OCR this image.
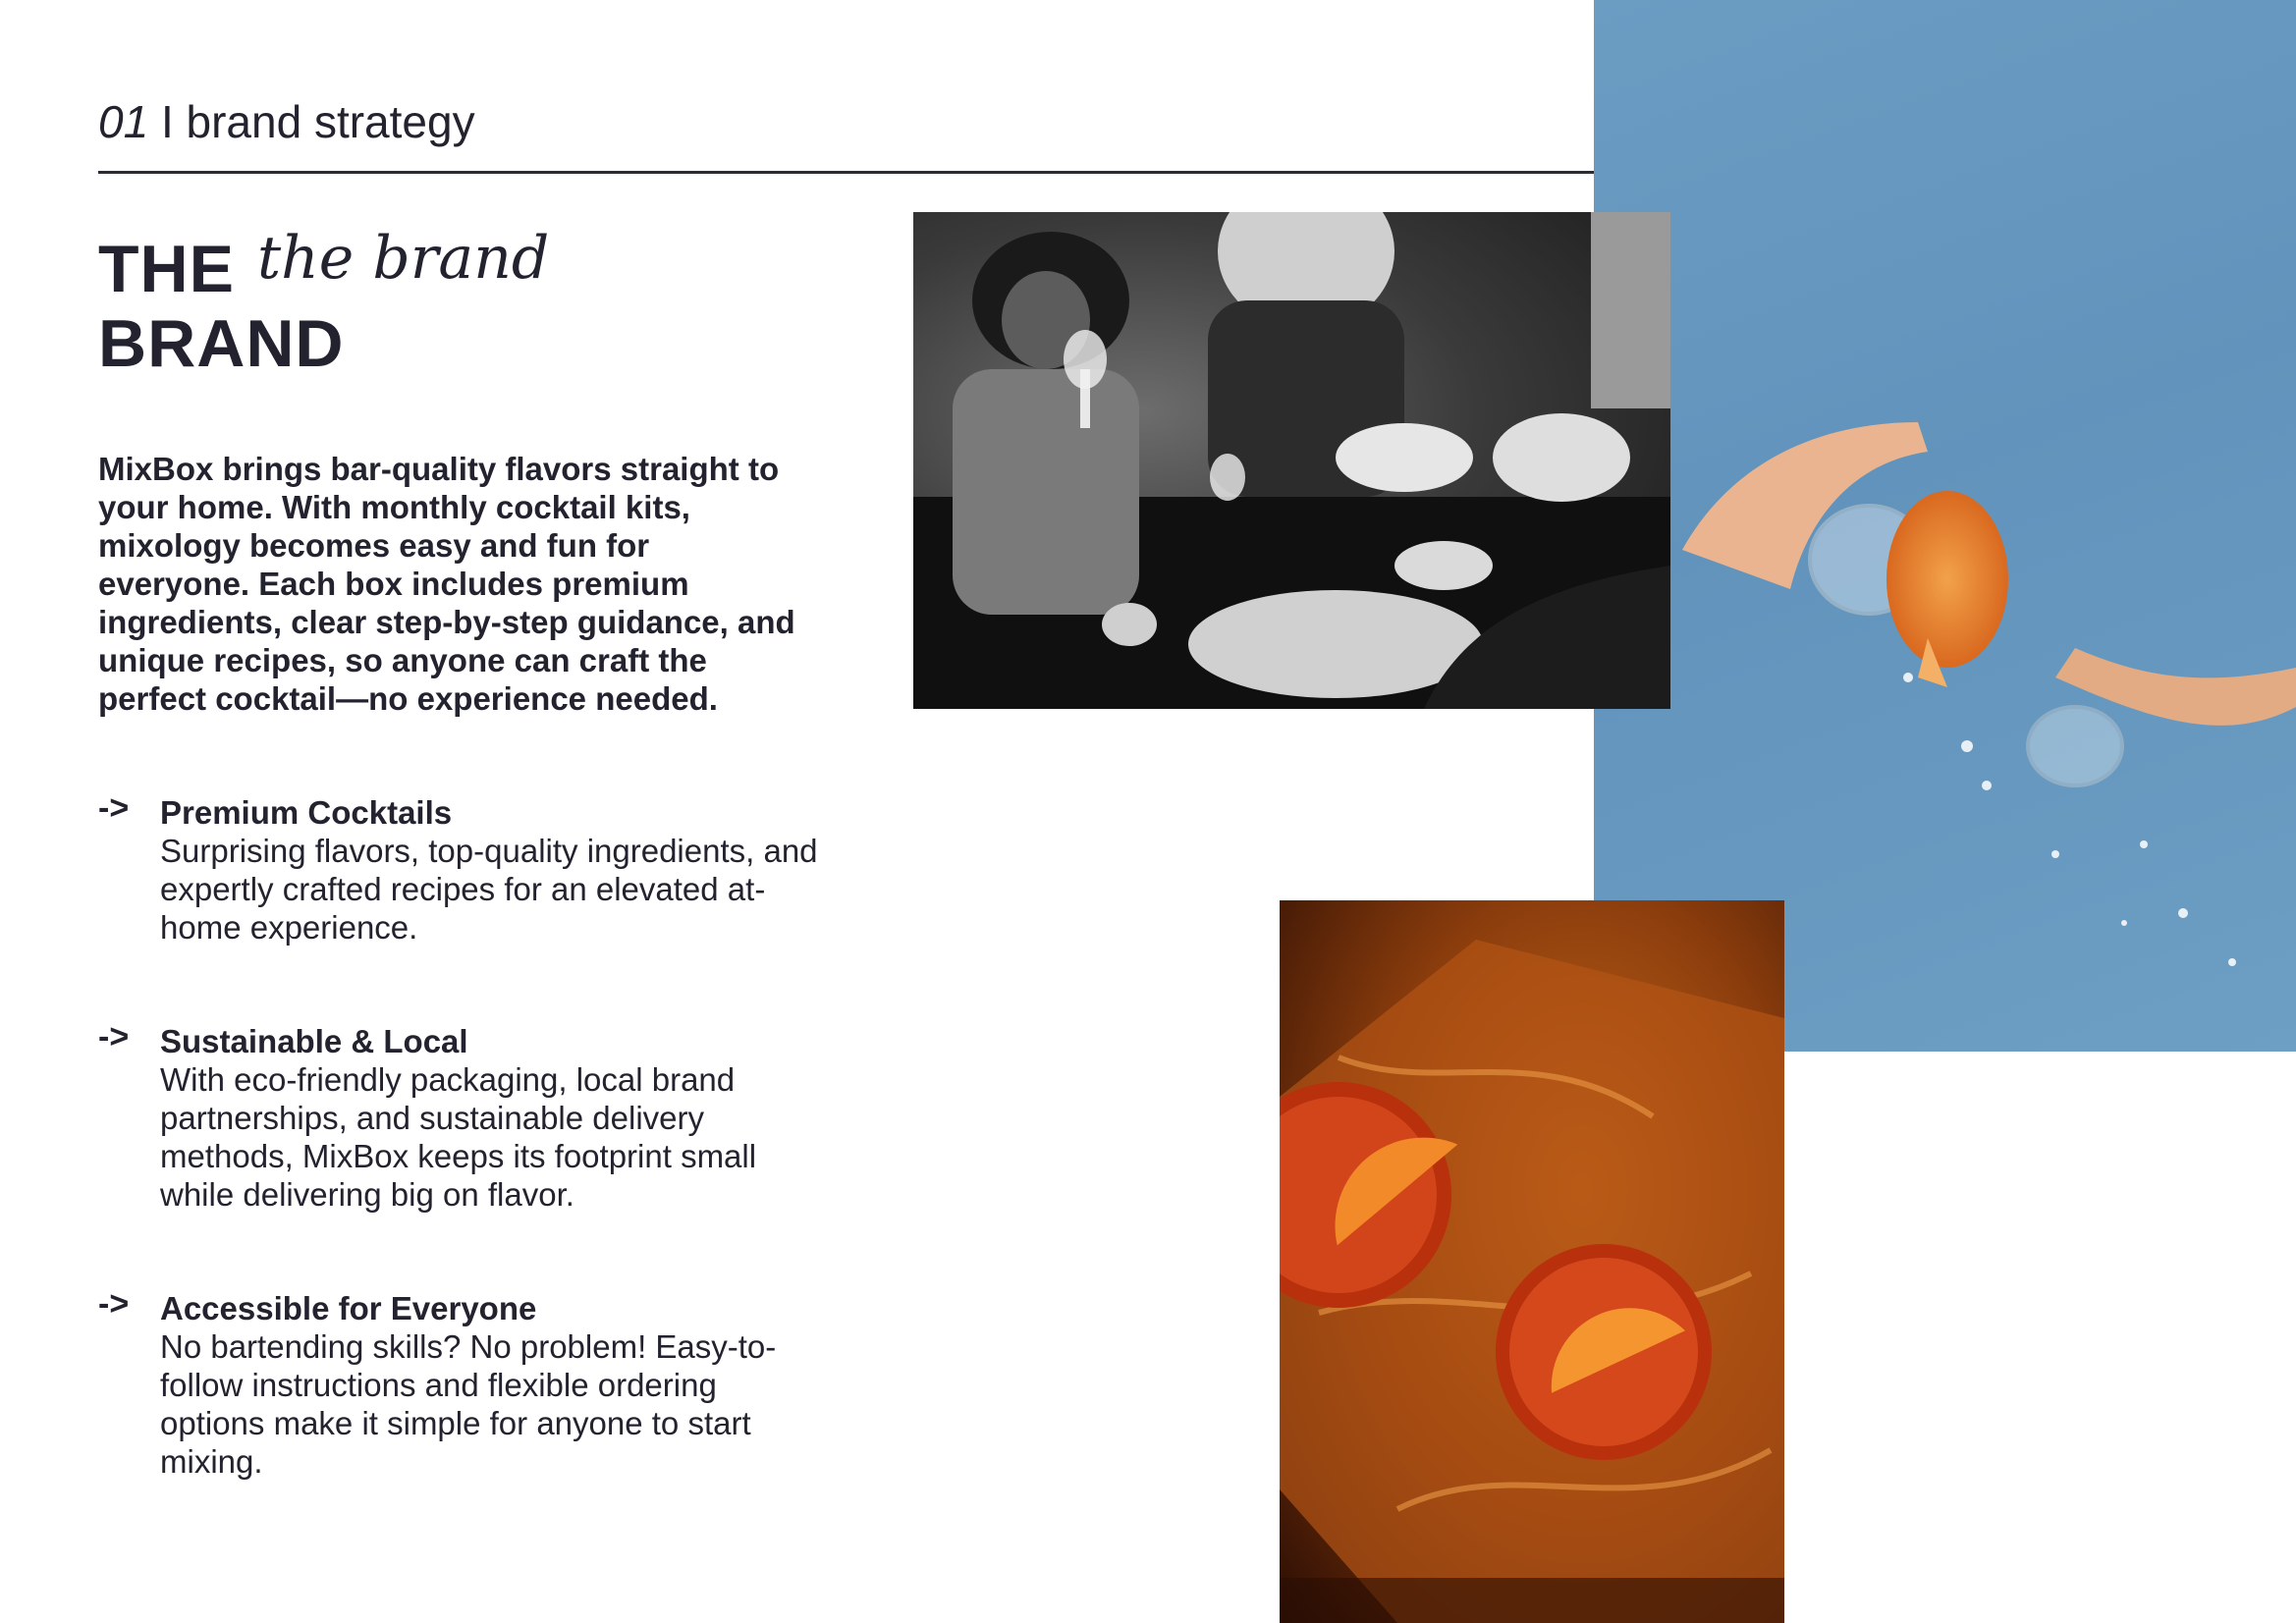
01 I brand strategy
THE
BRAND
the brand
MixBox brings bar-quality flavors straight to your home. With monthly cocktail kits, mixology becomes easy and fun for everyone. Each box includes premium ingredients, clear step-by-step guidance, and unique recipes, so anyone can craft the perfect cocktail—no experience needed.
-> Premium Cocktails
Surprising flavors, top-quality ingredients, and expertly crafted recipes for an elevated at-home experience.
-> Sustainable & Local
With eco-friendly packaging, local brand partnerships, and sustainable delivery methods, MixBox keeps its footprint small while delivering big on flavor.
-> Accessible for Everyone
No bartending skills? No problem! Easy-to-follow instructions and flexible ordering options make it simple for anyone to start mixing.
